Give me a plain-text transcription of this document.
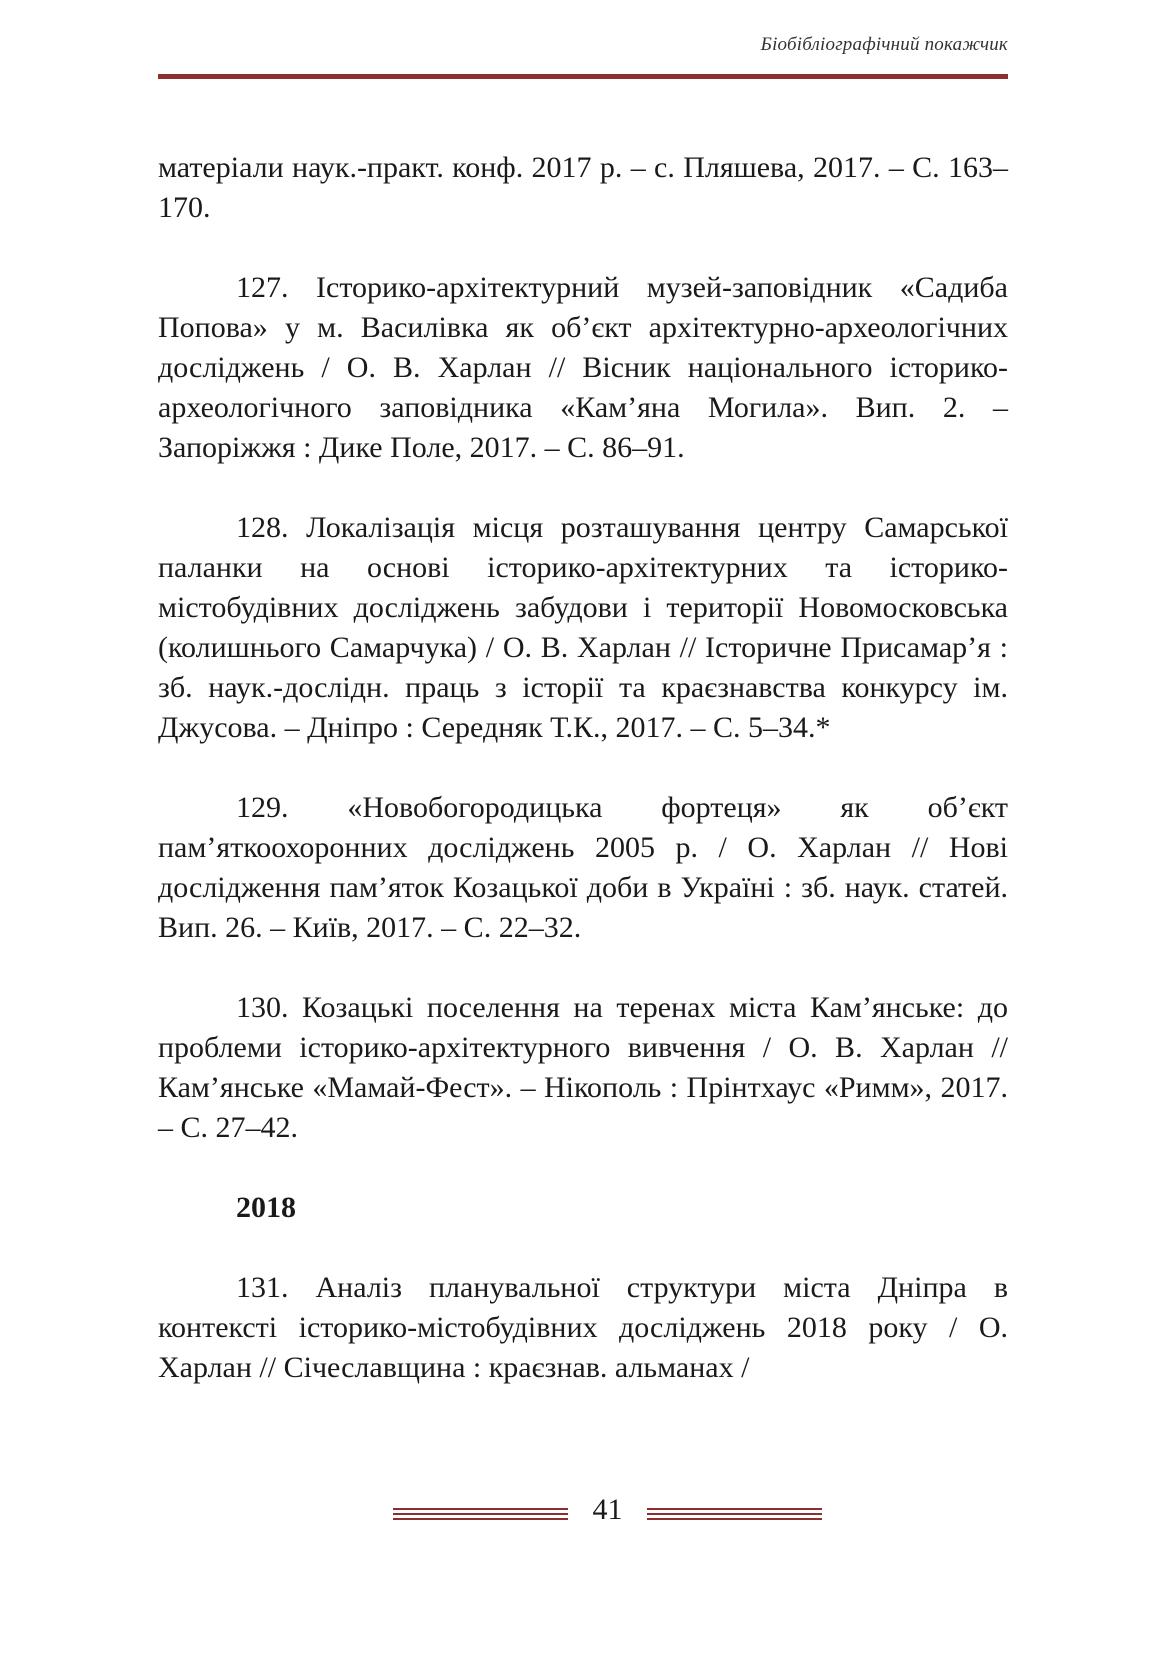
Біобібліографічний покажчик

матеріали наук.-практ. конф. 2017 р. – с. Пляшева, 2017. – С. 163–170.

127. Історико-архітектурний музей-заповідник «Садиба Попова» у м. Василівка як об’єкт архітектурно-археологічних досліджень / О. В. Харлан // Вісник національного історико-археологічного заповідника «Кам’яна Могила». Вип. 2. – Запоріжжя : Дике Поле, 2017. – С. 86–91.

128. Локалізація місця розташування центру Самарської паланки на основі історико-архітектурних та історико-містобудівних досліджень забудови і території Новомосковська (колишнього Самарчука) / О. В. Харлан // Історичне Присамар’я : зб. наук.-дослідн. праць з історії та краєзнавства конкурсу ім. Джусова. – Дніпро : Середняк Т.К., 2017. – С. 5–34.*

129. «Новобогородицька фортеця» як об’єкт пам’яткоохоронних досліджень 2005 р. / О. Харлан // Нові дослідження пам’яток Козацької доби в Україні : зб. наук. статей. Вип. 26. – Київ, 2017. – С. 22–32.

130. Козацькі поселення на теренах міста Кам’янське: до проблеми історико-архітектурного вивчення / О. В. Харлан // Кам’янське «Мамай-Фест». – Нікополь : Прінтхаус «Римм», 2017. – С. 27–42.

2018

131. Аналіз планувальної структури міста Дніпра в контексті історико-містобудівних досліджень 2018 року / О. Харлан // Січеславщина : краєзнав. альманах /

41
